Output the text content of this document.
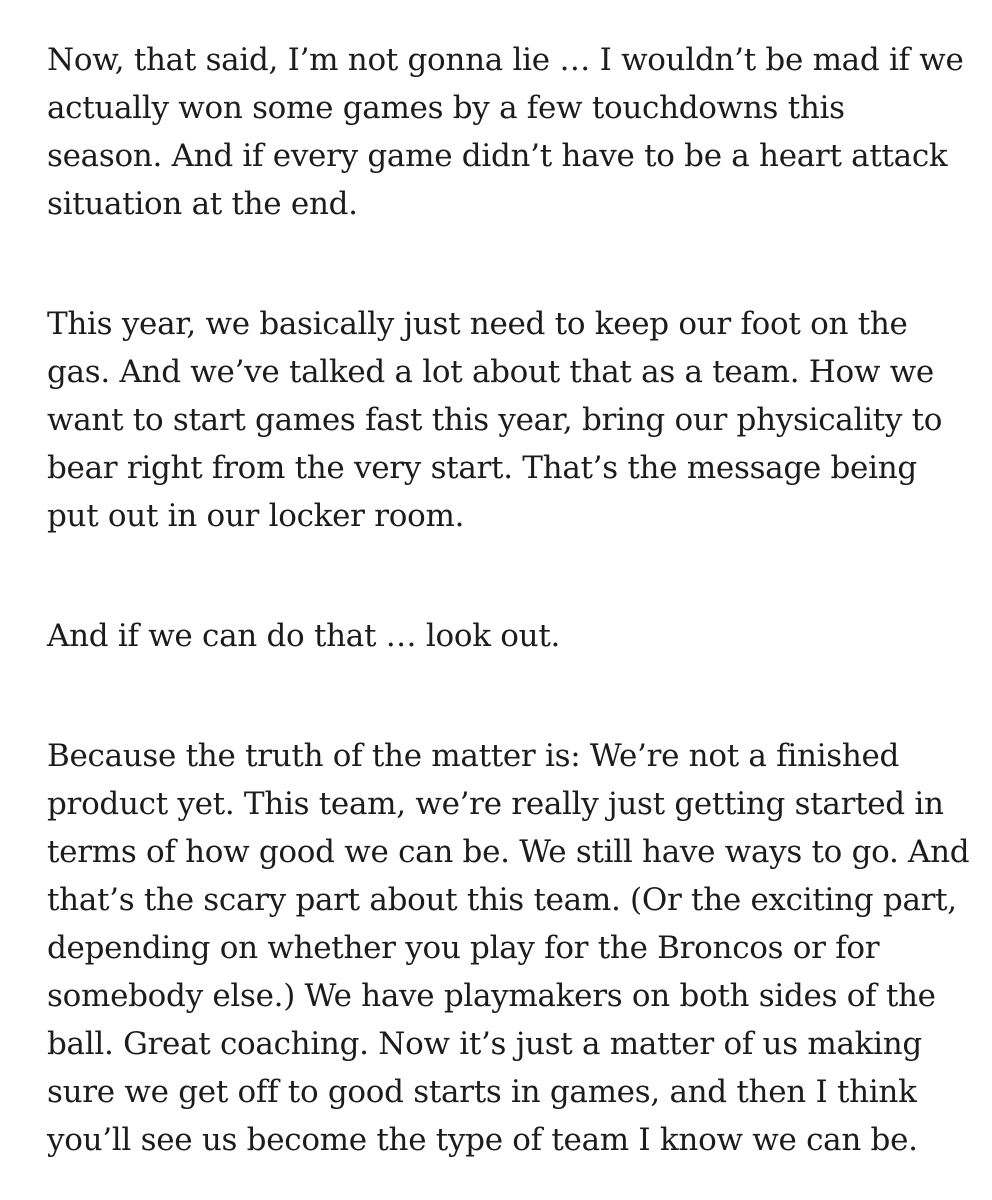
Now, that said, I’m not gonna lie … I wouldn’t be mad if we
actually won some games by a few touchdowns this
season. And if every game didn’t have to be a heart attack
situation at the end.

This year, we basically just need to keep our foot on the
gas. And we’ve talked a lot about that as a team. How we
want to start games fast this year, bring our physicality to
bear right from the very start. That’s the message being
put out in our locker room.

And if we can do that … look out.

Because the truth of the matter is: We’re not a finished
product yet. This team, we’re really just getting started in
terms of how good we can be. We still have ways to go. And
that’s the scary part about this team. (Or the exciting part,
depending on whether you play for the Broncos or for
somebody else.) We have playmakers on both sides of the
ball. Great coaching. Now it’s just a matter of us making
sure we get off to good starts in games, and then I think
you’ll see us become the type of team I know we can be.
